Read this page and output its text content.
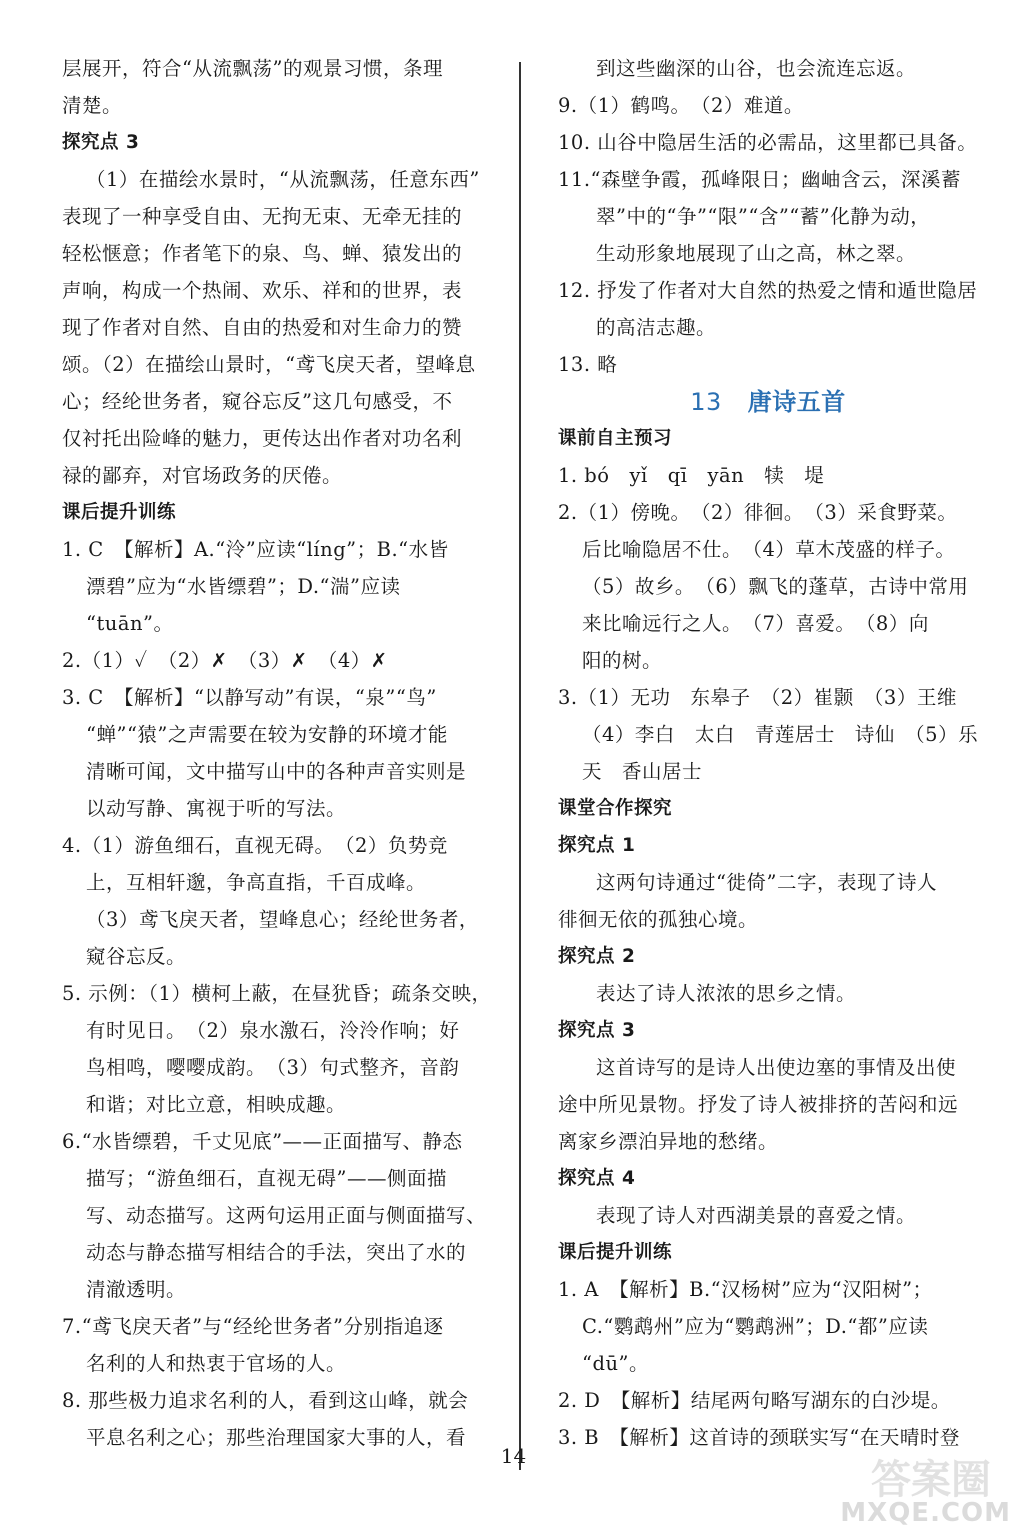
层展开，符合“从流飘荡”的观景习惯，条理
清楚。
探究点 3
（1）在描绘水景时，“从流飘荡，任意东西”
表现了一种享受自由、无拘无束、无牵无挂的
轻松惬意；作者笔下的泉、鸟、蝉、猿发出的
声响，构成一个热闹、欢乐、祥和的世界，表
现了作者对自然、自由的热爱和对生命力的赞
颂。（2）在描绘山景时，“鸢飞戾天者，望峰息
心；经纶世务者，窥谷忘反”这几句感受，不
仅衬托出险峰的魅力，更传达出作者对功名利
禄的鄙弃，对官场政务的厌倦。
课后提升训练
1. C　【解析】A.“泠”应读“líng”；B.“水皆
漂碧”应为“水皆缥碧”；D.“湍”应读
“tuān”。
2.（1）✓　（2）✗　（3）✗　（4）✗
3. C　【解析】“以静写动”有误，“泉”“鸟”
“蝉”“猿”之声需要在较为安静的环境才能
清晰可闻，文中描写山中的各种声音实则是
以动写静、寓视于听的写法。
4.（1）游鱼细石，直视无碍。　（2）负势竞
上，互相轩邈，争高直指，千百成峰。
（3）鸢飞戾天者，望峰息心；经纶世务者，
窥谷忘反。
5. 示例：（1）横柯上蔽，在昼犹昏；疏条交映，
有时见日。　（2）泉水激石，泠泠作响；好
鸟相鸣，嘤嘤成韵。　（3）句式整齐，音韵
和谐；对比立意，相映成趣。
6.“水皆缥碧，千丈见底”——正面描写、静态
描写；“游鱼细石，直视无碍”——侧面描
写、动态描写。这两句运用正面与侧面描写、
动态与静态描写相结合的手法，突出了水的
清澈透明。
7.“鸢飞戾天者”与“经纶世务者”分别指追逐
名利的人和热衷于官场的人。
8. 那些极力追求名利的人，看到这山峰，就会
平息名利之心；那些治理国家大事的人，看
到这些幽深的山谷，也会流连忘返。
9.（1）鹤鸣。　（2）难道。
10. 山谷中隐居生活的必需品，这里都已具备。
11.“森壁争霞，孤峰限日；幽岫含云，深溪蓄
翠”中的“争”“限”“含”“蓄”化静为动，
生动形象地展现了山之高，林之翠。
12. 抒发了作者对大自然的热爱之情和遁世隐居
的高洁志趣。
13. 略
13 唐诗五首
课前自主预习
1. bó　yǐ　qī　yān　犊　堤
2.（1）傍晚。　（2）徘徊。　（3）采食野菜。
后比喻隐居不仕。　（4）草木茂盛的样子。
（5）故乡。　（6）飘飞的蓬草，古诗中常用
来比喻远行之人。　（7）喜爱。　（8）向
阳的树。
3.（1）无功　东皋子　（2）崔颢　（3）王维
（4）李白　太白　青莲居士　诗仙　（5）乐
天　香山居士
课堂合作探究
探究点 1
这两句诗通过“徙倚”二字，表现了诗人
徘徊无依的孤独心境。
探究点 2
表达了诗人浓浓的思乡之情。
探究点 3
这首诗写的是诗人出使边塞的事情及出使
途中所见景物。抒发了诗人被排挤的苦闷和远
离家乡漂泊异地的愁绪。
探究点 4
表现了诗人对西湖美景的喜爱之情。
课后提升训练
1. A　【解析】B.“汉杨树”应为“汉阳树”；
C.“鹦鹉州”应为“鹦鹉洲”；D.“都”应读
“dū”。
2. D　【解析】结尾两句略写湖东的白沙堤。
3. B　【解析】这首诗的颈联实写“在天晴时登
14
答案圈
MXQE.COM
